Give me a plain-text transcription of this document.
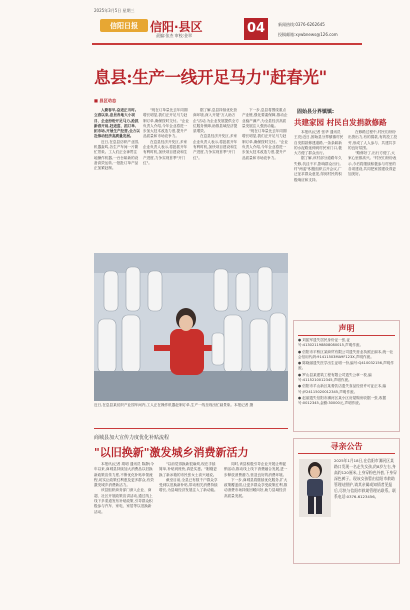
2025年3月5日 星期三
信阳日报	信阳·县区
责编:张杰 审校:金翠	04	新闻热线:0376-6262645
投稿邮箱:xywbnews@126.com
息县:生产一线开足马力"赶春光"
■ 县区动态

入勤春早,奋进正当时。立春以来,息县各地大小项目、企业纷纷开足马力,抢抓新春开局,赶进度、抓订单、拓市场,开展生产经营,全力以赴推动经济高质量发展。

近日,在息县纺织产业园,机器轰鸣,各生产车间一片繁忙景象。工人们正全神贯注地操作机器,一台台崭新的设备高效运转,一批批订单产品正加紧赶制。

"现在订单量比去年同期增长明显,我们正开足马力赶制订单,确保按时交付。"企业负责人介绍,今年企业将进一步加大技术改造力度,提升产品质量和市场竞争力。

在息县经济开发区,多家企业负责人表示,将抢抓开年有利时机,加快项目建设和生产进度,力争实现首季"开门红"。

据了解,息县持续优化营商环境,深入开展"万人助万企"活动,为企业发展提供全方位服务保障,助推县域经济提质增效。

在息县经济开发区,多家企业负责人表示,将抢抓开年有利时机,加快项目建设和生产进度,力争实现首季"开门红"。

下一步,息县将围绕重点产业链,强化要素保障,推动企业稳产满产,为全县经济高质量发展注入强劲动能。

"现在订单量比去年同期增长明显,我们正开足马力赶制订单,确保按时交付。"企业负责人介绍,今年企业将进一步加大技术改造力度,提升产品质量和市场竞争力。

近日,在息县某纺织产业园车间内,工人正在操作机器赶制订单,生产一线呈现出忙碌景象。本报记者 摄
固始县分界镇镇:
共建家园 村民自发捐款修路

本报讯(记者 张华 通讯员 王亮)近日,固始县分界镇镇村民自发捐款修建道路,一条条崭新的水泥路延伸到村民家门口,极大方便了群众出行。

据了解,该村部分道路年久失修,坑洼不平,影响群众出行。村"两委"积极组织召开会议,广泛征求群众意见,得到村民的积极响应和支持。

在修路过程中,村民们纷纷出资出力,有的捐款,有的投工投劳,形成了人人参与、共建共享的良好氛围。

"路修好了,出行方便了,大家心里都高兴。"村民们纷纷表示,今后将继续积极参与村里的各项建设,共同把家园建设得更加美好。

声明
● 刘振军遗失居民身份证一张,证号:413021198808080015,声明作废。
● 信阳市平桥区某商贸有限公司遗失营业执照正副本,统一社会信用代码:91411503MA9F123X,声明作废。
● 陈晓丽遗失医学出生证明一份,编号:Q410032156,声明作废。
● 罗山县某建筑工程有限公司遗失公章一枚,编号:4115210012345,声明作废。
● 信阳市羊山新区某餐饮店遗失食品经营许可证正本,编号:JY24115020012345,声明作废。
● 赵丽遗失信阳市浉河区某小区房屋购房收据一张,收据号:0012345,金额:30000元,声明作废。
寻亲公告
2025年1月18日,在信阳市浉河区某路口发现一名走失女孩,约8岁左右,身高约120厘米,上身穿粉色外套,下身穿深色裤子。现该女孩暂由信阳市救助管理站照护,请其亲属或知情者见报后,尽快与信阳市救助管理站联系。联系电话:0376-6123456。
商城县加大宣传力度优化补贴流程
"以旧换新"激发城乡消费新活力

本报讯(记者 胡明 通讯员 陈静)今年以来,商城县持续加大消费品以旧换新政策宣传力度,不断优化补贴申领流程,切实让政策红利惠及更多群众,有效激发城乡消费新活力。

该县组织商务部门深入企业、商超、社区开展政策宣讲活动,通过线上线下多渠道发布补贴政策,引导群众积极参与汽车、家电、家居等以旧换新活动。

"以前觉得换新很麻烦,现在手续简单,补贴到账快,真是实惠。"刚刚更换了新冰箱的市民张女士高兴地说。

截至目前,全县已有数千户群众享受到以旧换新补贴,带动相关消费持续增长,为县域经济发展注入了新动能。

同时,该县积极引导企业开展让利促销活动,推动线上线下消费融合发展,进一步释放消费潜力,营造良好的消费环境。

下一步,商城县将继续优化服务,扩大政策覆盖面,让更多群众享受政策红利,推动消费市场持续回暖向好,助力县域经济高质量发展。
